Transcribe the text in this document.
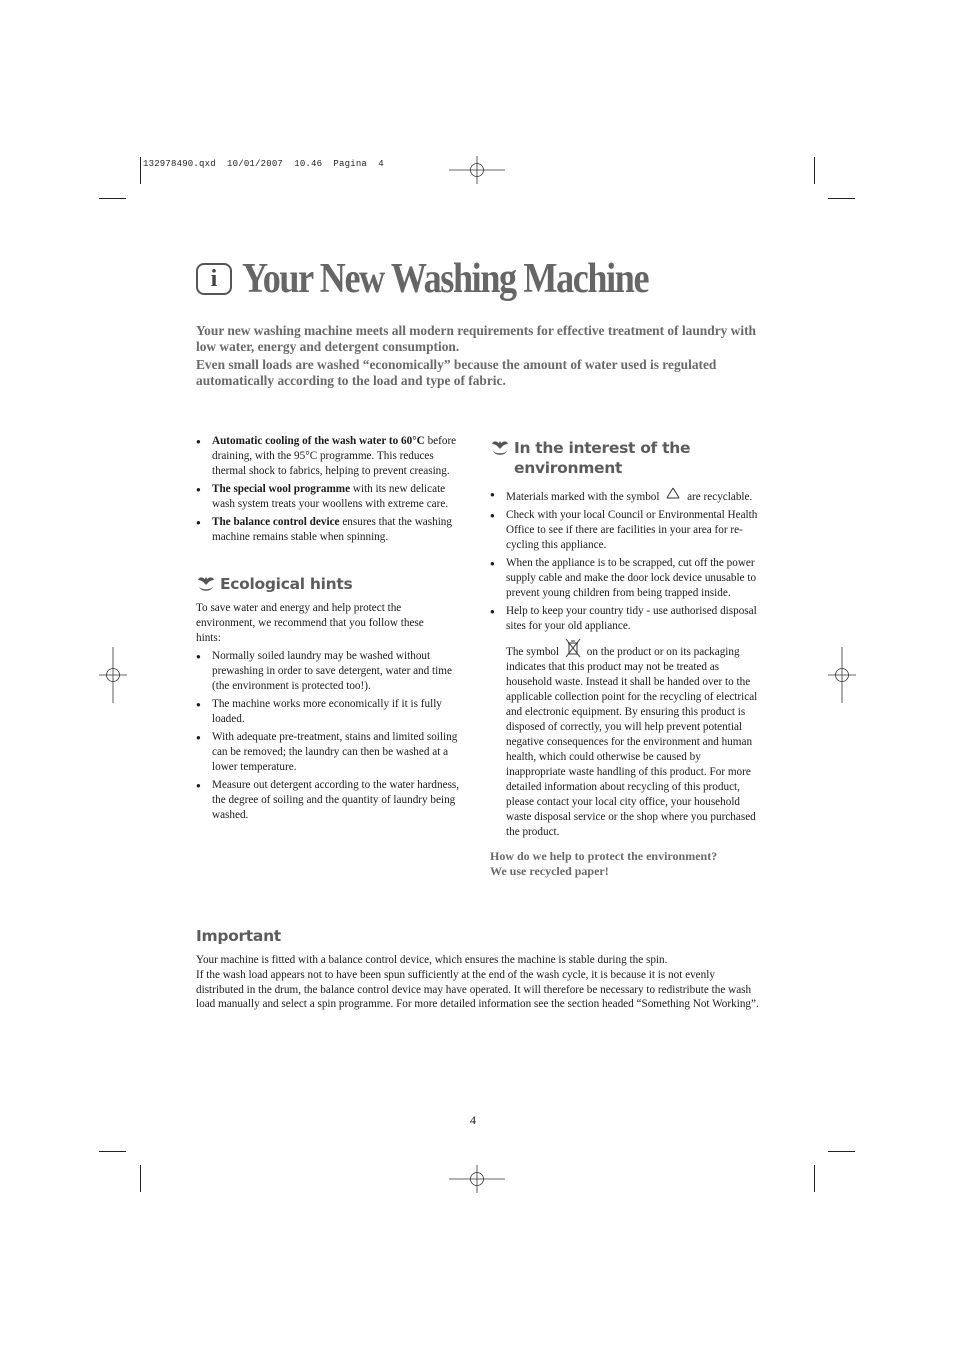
132978490.qxd  10/01/2007  10.46  Pagina  4
i Your New Washing Machine
Your new washing machine meets all modern requirements for effective treatment of laundry with low water, energy and detergent consumption.
Even small loads are washed “economically” because the amount of water used is regulated automatically according to the load and type of fabric.
● Automatic cooling of the wash water to 60°C before draining, with the 95°C programme. This reduces thermal shock to fabrics, helping to prevent creasing.
● The special wool programme with its new delicate wash system treats your woollens with extreme care.
● The balance control device ensures that the washing machine remains stable when spinning.
Ecological hints
To save water and energy and help protect the environment, we recommend that you follow these hints:
● Normally soiled laundry may be washed without prewashing in order to save detergent, water and time (the environment is protected too!).
● The machine works more economically if it is fully loaded.
● With adequate pre-treatment, stains and limited soiling can be removed; the laundry can then be washed at a lower temperature.
● Measure out detergent according to the water hardness, the degree of soiling and the quantity of laundry being washed.
In the interest of the
environment
● Materials marked with the symbol  are recyclable.
● Check with your local Council or Environmental Health Office to see if there are facilities in your area for re-cycling this appliance.
● When the appliance is to be scrapped, cut off the power supply cable and make the door lock device unusable to prevent young children from being trapped inside.
● Help to keep your country tidy - use authorised disposal sites for your old appliance.
The symbol  on the product or on its packaging indicates that this product may not be treated as household waste. Instead it shall be handed over to the applicable collection point for the recycling of electrical and electronic equipment. By ensuring this product is disposed of correctly, you will help prevent potential negative consequences for the environment and human health, which could otherwise be caused by inappropriate waste handling of this product. For more detailed information about recycling of this product, please contact your local city office, your household waste disposal service or the shop where you purchased the product.
How do we help to protect the environment?
We use recycled paper!
Important
Your machine is fitted with a balance control device, which ensures the machine is stable during the spin.
If the wash load appears not to have been spun sufficiently at the end of the wash cycle, it is because it is not evenly distributed in the drum, the balance control device may have operated. It will therefore be necessary to redistribute the wash load manually and select a spin programme. For more detailed information see the section headed “Something Not Working”.
4
